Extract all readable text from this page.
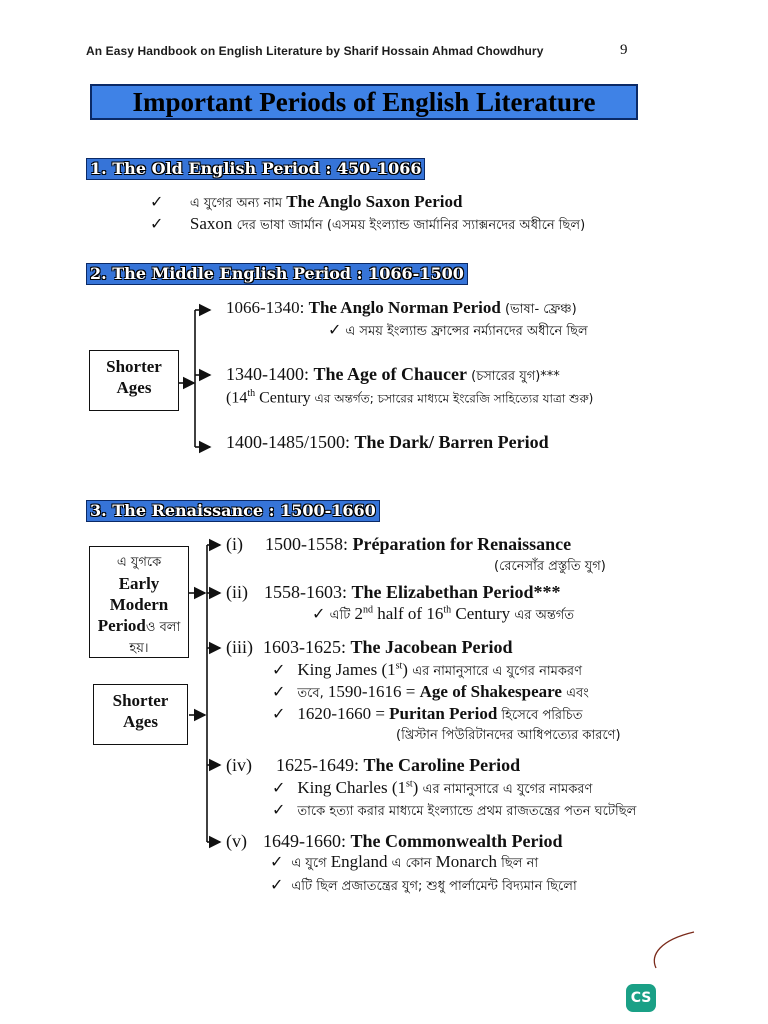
An Easy Handbook on English Literature by Sharif Hossain Ahmad Chowdhury	9
Important Periods of English Literature
1. The Old English Period : 450-1066
✓ এ যুগের অন্য নাম The Anglo Saxon Period
✓ Saxon দের ভাষা জার্মান (এসময় ইংল্যান্ড জার্মানির স্যাক্সনদের অধীনে ছিল)
2. The Middle English Period : 1066-1500
Shorter
Ages
1066-1340: The Anglo Norman Period (ভাষা- ফ্রেঞ্চ)
✓ এ সময় ইংল্যান্ড ফ্রান্সের নর্ম্যানদের অধীনে ছিল
1340-1400: The Age of Chaucer (চসারের যুগ)***
(14th Century এর অন্তর্গত; চসারের মাধ্যমে ইংরেজি সাহিত্যের যাত্রা শুরু)
1400-1485/1500: The Dark/ Barren Period
3. The Renaissance : 1500-1660
এ যুগকে
Early
Modern
Periodও বলা
হয়।
Shorter
Ages
(i) 1500-1558: Préparation for Renaissance
(রেনেসাঁর প্রস্তুতি যুগ)
(ii) 1558-1603: The Elizabethan Period***
✓ এটি 2nd half of 16th Century এর অন্তর্গত
(iii) 1603-1625: The Jacobean Period
✓ King James (1st) এর নামানুসারে এ যুগের নামকরণ
✓ তবে, 1590-1616 = Age of Shakespeare এবং
✓ 1620-1660 = Puritan Period হিসেবে পরিচিত
(খ্রিস্টান পিউরিটানদের আধিপত্যের কারণে)
(iv) 1625-1649: The Caroline Period
✓ King Charles (1st) এর নামানুসারে এ যুগের নামকরণ
✓ তাকে হত্যা করার মাধ্যমে ইংল্যান্ডে প্রথম রাজতন্ত্রের পতন ঘটেছিল
(v) 1649-1660: The Commonwealth Period
✓ এ যুগে England এ কোন Monarch ছিল না
✓ এটি ছিল প্রজাতন্ত্রের যুগ; শুধু পার্লামেন্ট বিদ্যমান ছিলো
CS
